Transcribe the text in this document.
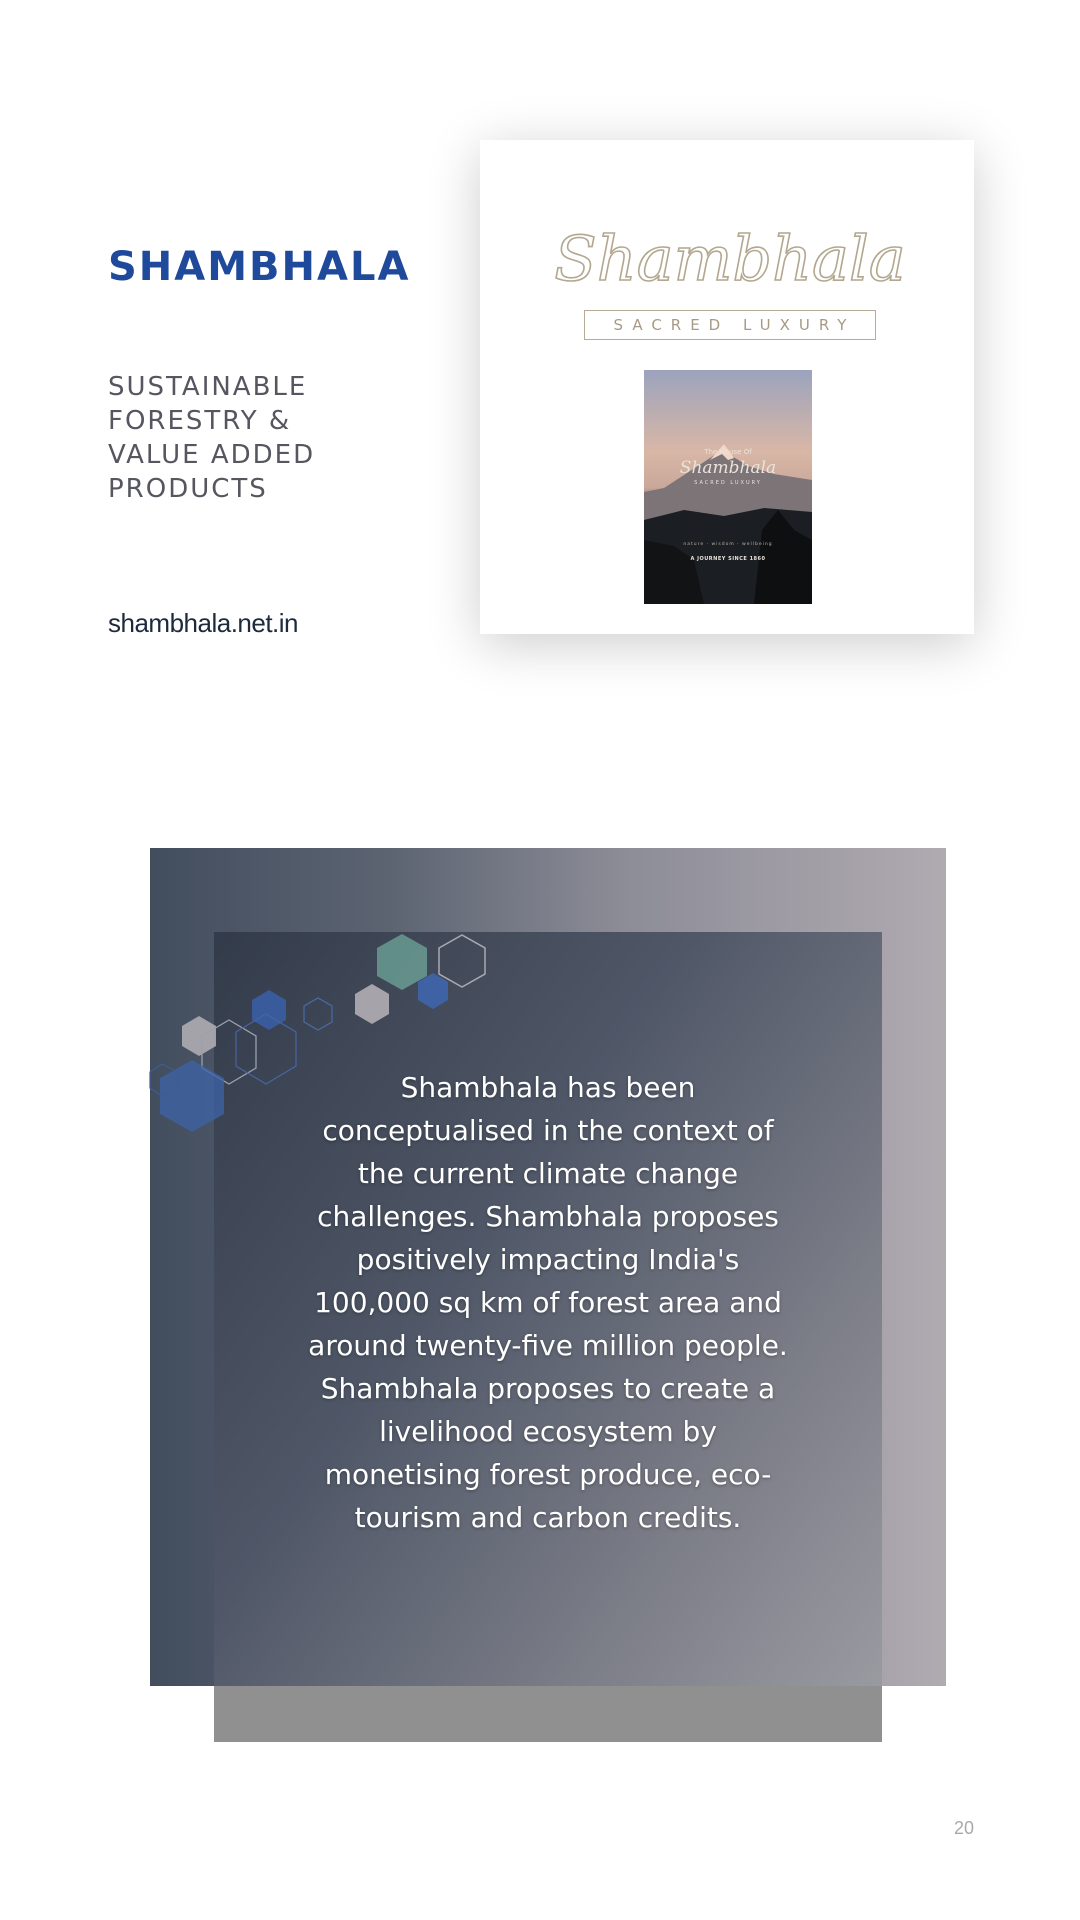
SHAMBHALA
SUSTAINABLE
FORESTRY &
VALUE ADDED
PRODUCTS
shambhala.net.in
Shambhala
SACRED LUXURY
The House Of
Shambhala
SACRED LUXURY
nature · wisdom · wellbeing
A JOURNEY SINCE 1860
Shambhala has been conceptualised in the context of the current climate change challenges. Shambhala proposes positively impacting India's 100,000 sq km of forest area and around twenty-five million people. Shambhala proposes to create a livelihood ecosystem by monetising forest produce, eco-tourism and carbon credits.
20
